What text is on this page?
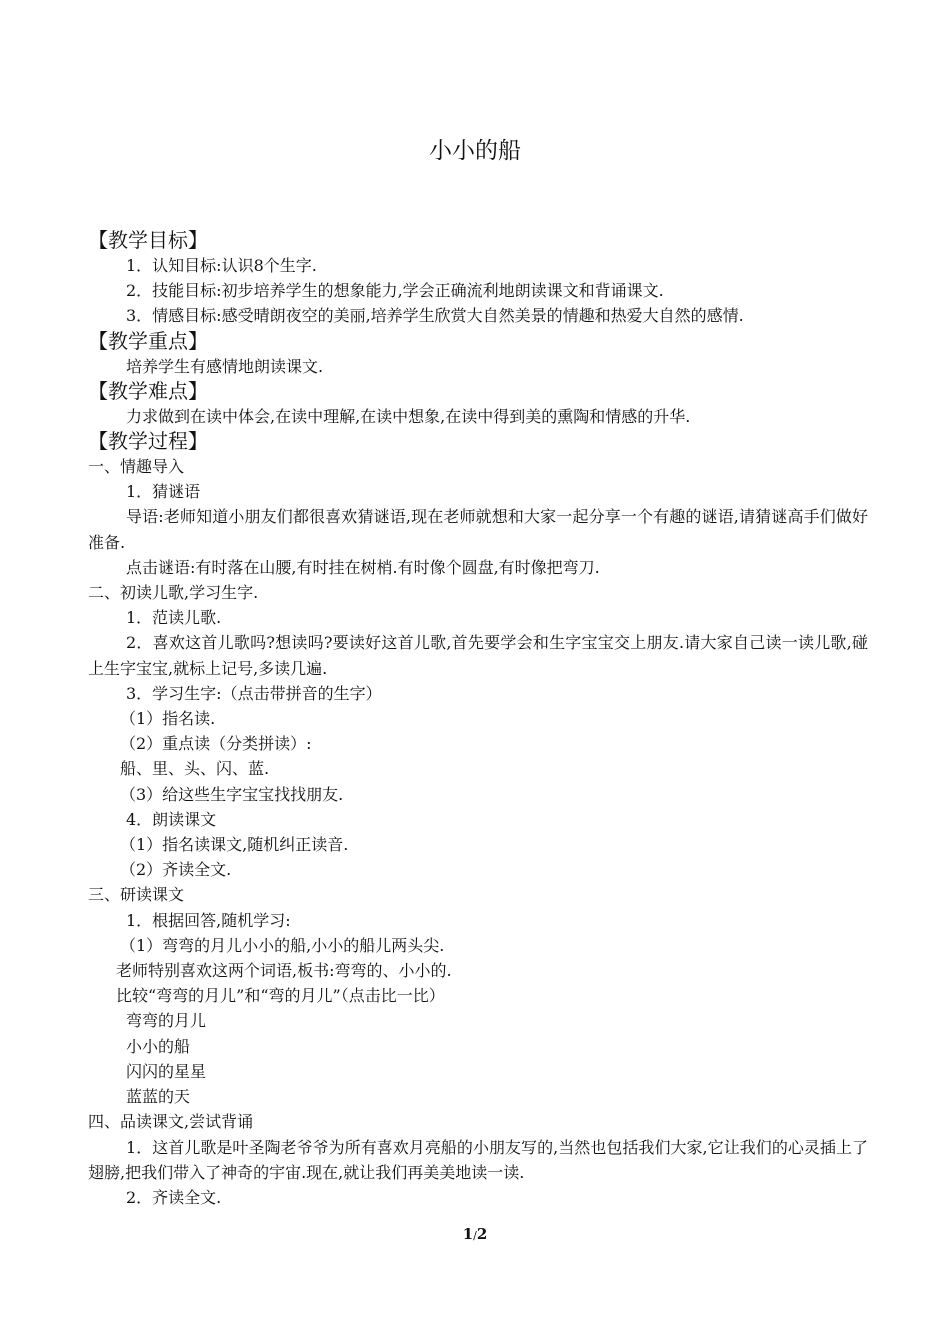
小小的船
【教学目标】
1．认知目标:认识8个生字.
2．技能目标:初步培养学生的想象能力,学会正确流利地朗读课文和背诵课文.
3．情感目标:感受晴朗夜空的美丽,培养学生欣赏大自然美景的情趣和热爱大自然的感情.
【教学重点】
培养学生有感情地朗读课文.
【教学难点】
力求做到在读中体会,在读中理解,在读中想象,在读中得到美的熏陶和情感的升华.
【教学过程】
一、情趣导入
1．猜谜语
导语:老师知道小朋友们都很喜欢猜谜语,现在老师就想和大家一起分享一个有趣的谜语,请猜谜高手们做好准备.
点击谜语:有时落在山腰,有时挂在树梢.有时像个圆盘,有时像把弯刀.
二、初读儿歌,学习生字.
1．范读儿歌.
2．喜欢这首儿歌吗?想读吗?要读好这首儿歌,首先要学会和生字宝宝交上朋友.请大家自己读一读儿歌,碰上生字宝宝,就标上记号,多读几遍.
3．学习生字:（点击带拼音的生字）
（1）指名读.
（2）重点读（分类拼读）:
船、里、头、闪、蓝.
（3）给这些生字宝宝找找朋友.
4．朗读课文
（1）指名读课文,随机纠正读音.
（2）齐读全文.
三、研读课文
1．根据回答,随机学习:
（1）弯弯的月儿小小的船,小小的船儿两头尖.
老师特别喜欢这两个词语,板书:弯弯的、小小的.
比较“弯弯的月儿”和“弯的月儿”（点击比一比）
弯弯的月儿
小小的船
闪闪的星星
蓝蓝的天
四、品读课文,尝试背诵
1．这首儿歌是叶圣陶老爷爷为所有喜欢月亮船的小朋友写的,当然也包括我们大家,它让我们的心灵插上了翅膀,把我们带入了神奇的宇宙.现在,就让我们再美美地读一读.
2．齐读全文.
1/2
